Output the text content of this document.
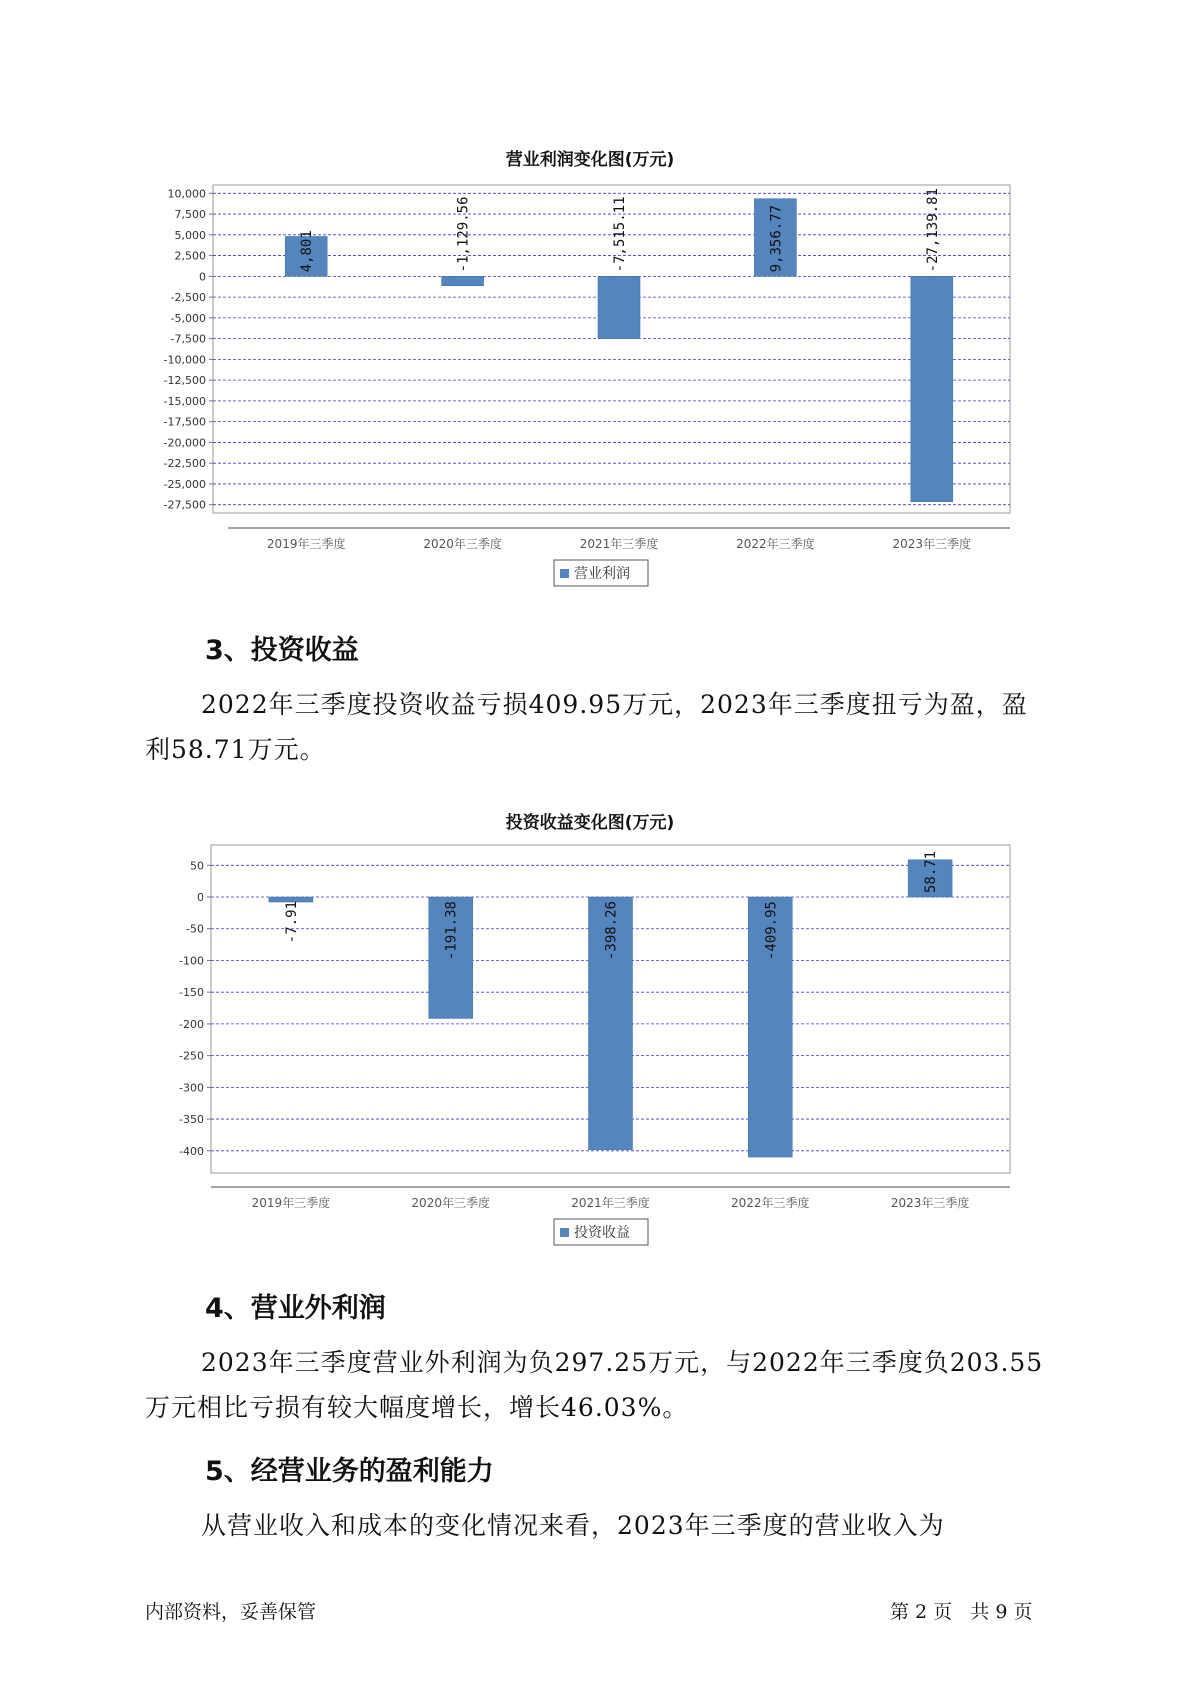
营业利润变化图(万元)
10,000
7,500
5,000
2,500
0
-2,500
-5,000
-7,500
-10,000
-12,500
-15,000
-17,500
-20,000
-22,500
-25,000
-27,500
2019年三季度
4,801
2020年三季度
-1,129.56
2021年三季度
-7,515.11
2022年三季度
9,356.77
2023年三季度
-27,139.81
营业利润
3、投资收益

2022年三季度投资收益亏损409.95万元，2023年三季度扭亏为盈，盈利58.71万元。

投资收益变化图(万元)
50
0
-50
-100
-150
-200
-250
-300
-350
-400
2019年三季度
-7.91
2020年三季度
-191.38
2021年三季度
-398.26
2022年三季度
-409.95
2023年三季度
58.71
投资收益
4、营业外利润

2023年三季度营业外利润为负297.25万元，与2022年三季度负203.55万元相比亏损有较大幅度增长，增长46.03%。

5、经营业务的盈利能力

从营业收入和成本的变化情况来看，2023年三季度的营业收入为

内部资料，妥善保管	第 2 页   共 9 页
